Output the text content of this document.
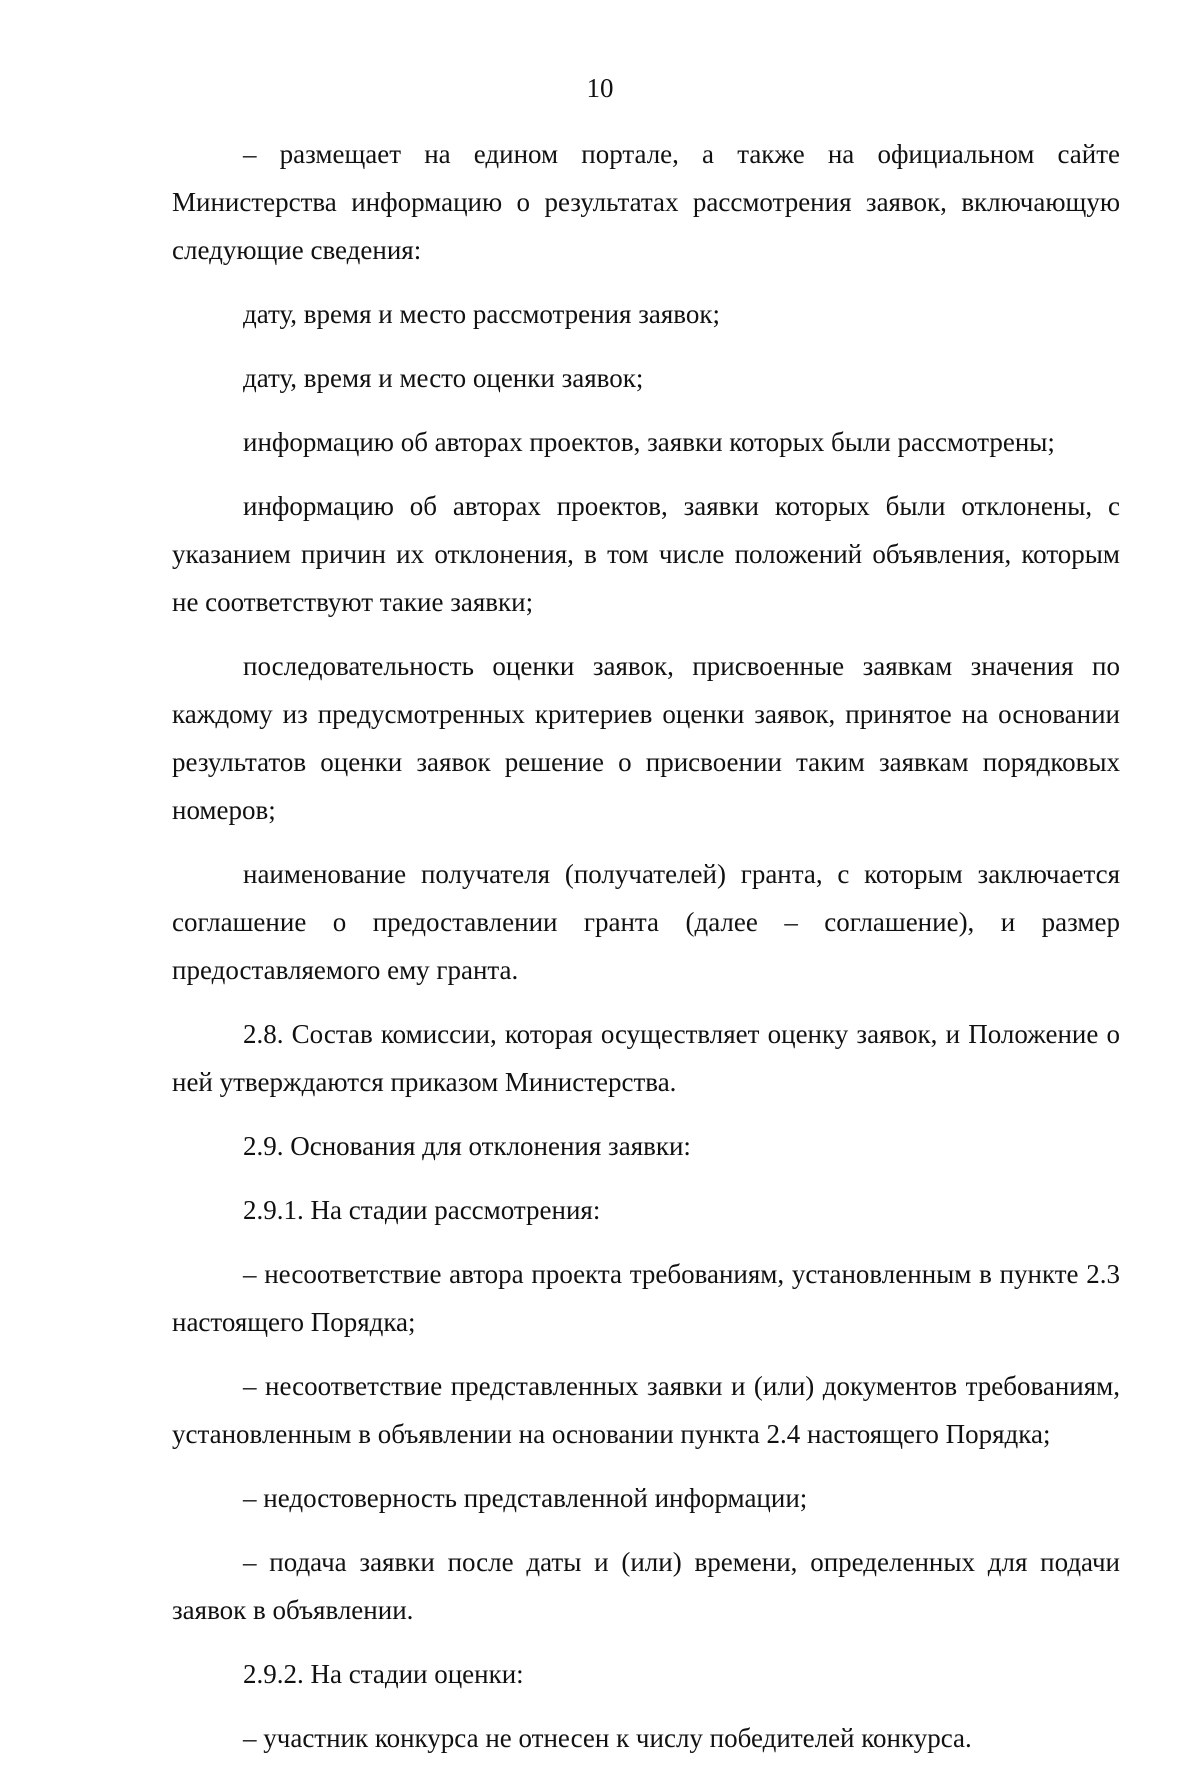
10

– размещает на едином портале, а также на официальном сайте Министерства информацию о результатах рассмотрения заявок, включающую следующие сведения:

дату, время и место рассмотрения заявок;

дату, время и место оценки заявок;

информацию об авторах проектов, заявки которых были рассмотрены;

информацию об авторах проектов, заявки которых были отклонены, с указанием причин их отклонения, в том числе положений объявления, которым не соответствуют такие заявки;

последовательность оценки заявок, присвоенные заявкам значения по каждому из предусмотренных критериев оценки заявок, принятое на основании результатов оценки заявок решение о присвоении таким заявкам порядковых номеров;

наименование получателя (получателей) гранта, с которым заключается соглашение о предоставлении гранта (далее – соглашение), и размер предоставляемого ему гранта.

2.8. Состав комиссии, которая осуществляет оценку заявок, и Положение о ней утверждаются приказом Министерства.

2.9. Основания для отклонения заявки:

2.9.1. На стадии рассмотрения:

– несоответствие автора проекта требованиям, установленным в пункте 2.3 настоящего Порядка;

– несоответствие представленных заявки и (или) документов требованиям, установленным в объявлении на основании пункта 2.4 настоящего Порядка;

– недостоверность представленной информации;

– подача заявки после даты и (или) времени, определенных для подачи заявок в объявлении.

2.9.2. На стадии оценки:

– участник конкурса не отнесен к числу победителей конкурса.
